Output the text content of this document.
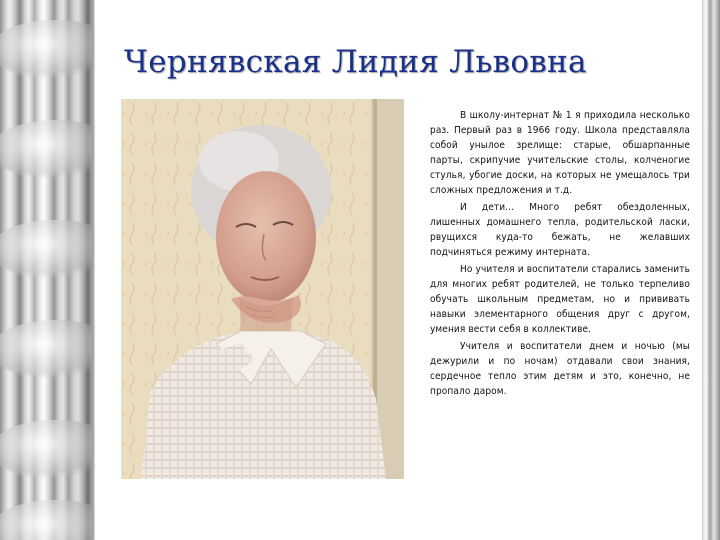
Чернявская Лидия Львовна

В школу-интернат № 1 я приходила несколько раз. Первый раз в 1966 году. Школа представляла собой унылое зрелище: старые, обшарпанные парты, скрипучие учительские столы, колченогие стулья, убогие доски, на которых не умещалось три сложных предложения и т.д.

И дети… Много ребят обездоленных, лишенных домашнего тепла, родительской ласки, рвущихся куда-то бежать, не желавших подчиняться режиму интерната.

Но учителя и воспитатели старались заменить для многих ребят родителей, не только терпеливо обучать школьным предметам, но и прививать навыки элементарного общения друг с другом, умения вести себя в коллективе.

Учителя и воспитатели днем и ночью (мы дежурили и по ночам) отдавали свои знания, сердечное тепло этим детям и это, конечно, не пропало даром.
